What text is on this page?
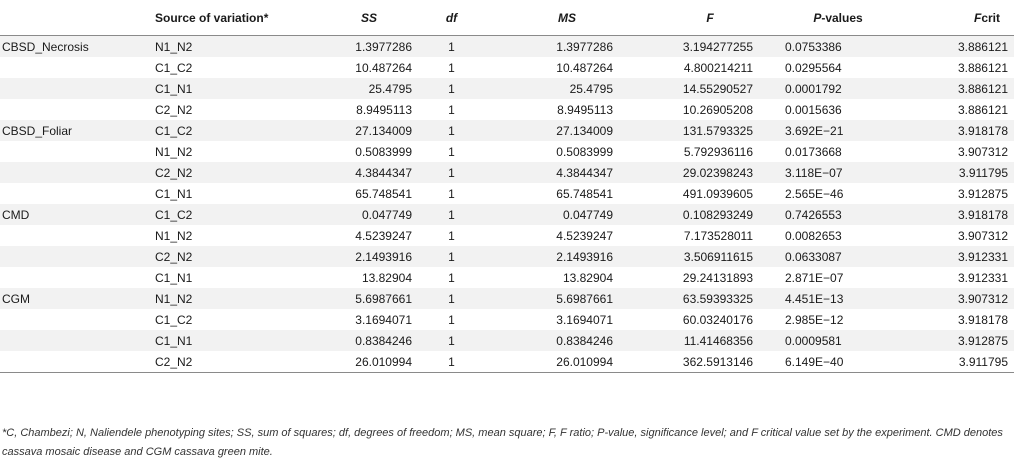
	Source of variation*	SS	df	MS	F	P-values	Fcrit
CBSD_Necrosis	N1_N2	1.3977286	1	1.3977286	3.194277255	0.0753386	3.886121
	C1_C2	10.487264	1	10.487264	4.800214211	0.0295564	3.886121
	C1_N1	25.4795	1	25.4795	14.55290527	0.0001792	3.886121
	C2_N2	8.9495113	1	8.9495113	10.26905208	0.0015636	3.886121
CBSD_Foliar	C1_C2	27.134009	1	27.134009	131.5793325	3.692E−21	3.918178
	N1_N2	0.5083999	1	0.5083999	5.792936116	0.0173668	3.907312
	C2_N2	4.3844347	1	4.3844347	29.02398243	3.118E−07	3.911795
	C1_N1	65.748541	1	65.748541	491.0939605	2.565E−46	3.912875
CMD	C1_C2	0.047749	1	0.047749	0.108293249	0.7426553	3.918178
	N1_N2	4.5239247	1	4.5239247	7.173528011	0.0082653	3.907312
	C2_N2	2.1493916	1	2.1493916	3.506911615	0.0633087	3.912331
	C1_N1	13.82904	1	13.82904	29.24131893	2.871E−07	3.912331
CGM	N1_N2	5.6987661	1	5.6987661	63.59393325	4.451E−13	3.907312
	C1_C2	3.1694071	1	3.1694071	60.03240176	2.985E−12	3.918178
	C1_N1	0.8384246	1	0.8384246	11.41468356	0.0009581	3.912875
	C2_N2	26.010994	1	26.010994	362.5913146	6.149E−40	3.911795
*C, Chambezi; N, Naliendele phenotyping sites; SS, sum of squares; df, degrees of freedom; MS, mean square; F, F ratio; P-value, significance level; and F critical value set by the experiment. CMD denotes cassava mosaic disease and CGM cassava green mite.
